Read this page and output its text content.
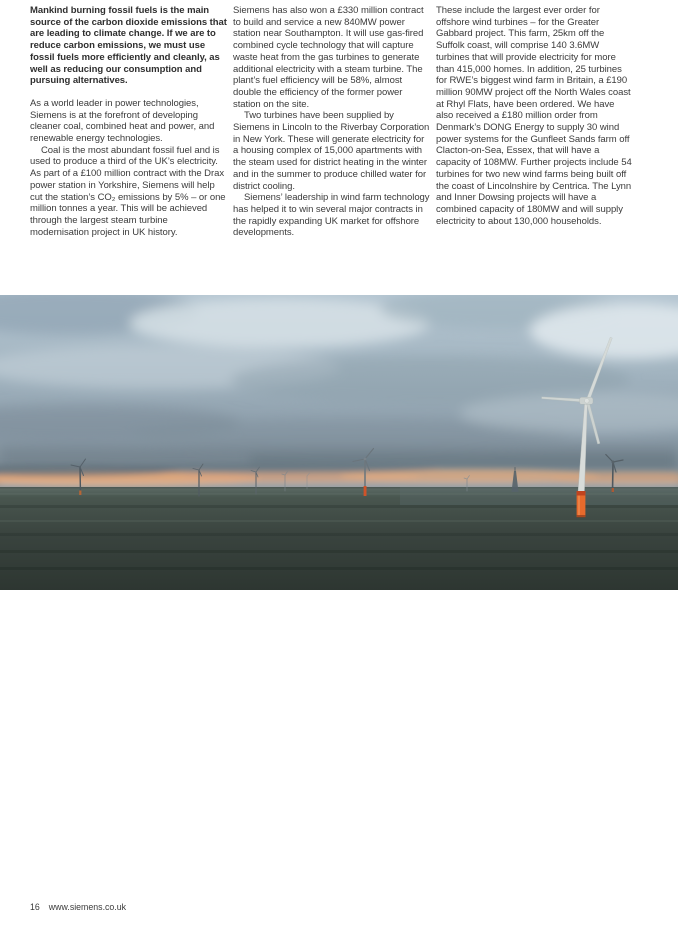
Mankind burning fossil fuels is the main source of the carbon dioxide emissions that are leading to climate change. If we are to reduce carbon emissions, we must use fossil fuels more efficiently and cleanly, as well as reducing our consumption and pursuing alternatives.

As a world leader in power technologies, Siemens is at the forefront of developing cleaner coal, combined heat and power, and renewable energy technologies.

Coal is the most abundant fossil fuel and is used to produce a third of the UK’s electricity. As part of a £100 million contract with the Drax power station in Yorkshire, Siemens will help cut the station’s CO₂ emissions by 5% – or one million tonnes a year. This will be achieved through the largest steam turbine modernisation project in UK history.

Siemens has also won a £330 million contract to build and service a new 840MW power station near Southampton. It will use gas-fired combined cycle technology that will capture waste heat from the gas turbines to generate additional electricity with a steam turbine. The plant’s fuel efficiency will be 58%, almost double the efficiency of the former power station on the site.

Two turbines have been supplied by Siemens in Lincoln to the Riverbay Corporation in New York. These will generate electricity for a housing complex of 15,000 apartments with the steam used for district heating in the winter and in the summer to produce chilled water for district cooling.

Siemens’ leadership in wind farm technology has helped it to win several major contracts in the rapidly expanding UK market for offshore developments.

These include the largest ever order for offshore wind turbines – for the Greater Gabbard project. This farm, 25km off the Suffolk coast, will comprise 140 3.6MW turbines that will provide electricity for more than 415,000 homes. In addition, 25 turbines for RWE’s biggest wind farm in Britain, a £190 million 90MW project off the North Wales coast at Rhyl Flats, have been ordered. We have also received a £180 million order from Denmark’s DONG Energy to supply 30 wind power systems for the Gunfleet Sands farm off Clacton-on-Sea, Essex, that will have a capacity of 108MW. Further projects include 54 turbines for two new wind farms being built off the coast of Lincolnshire by Centrica. The Lynn and Inner Dowsing projects will have a combined capacity of 180MW and will supply electricity to about 130,000 households.

16 www.siemens.co.uk
